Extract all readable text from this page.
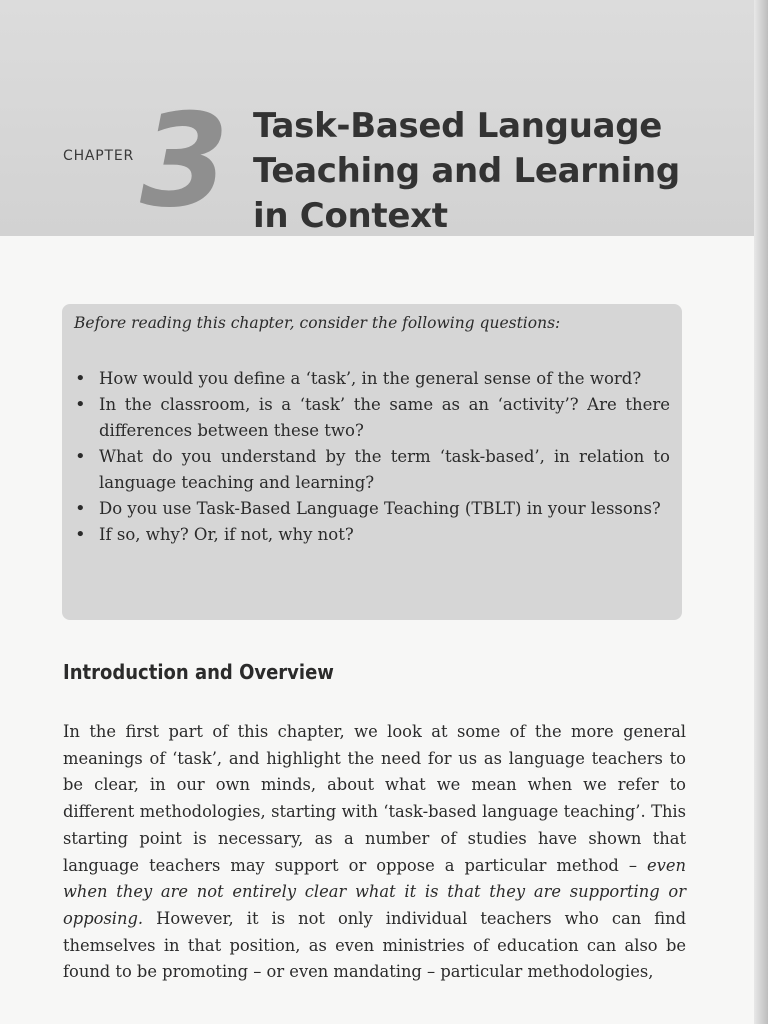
CHAPTER 3 Task-Based Language
Teaching and Learning
in Context
Before reading this chapter, consider the following questions:
• How would you define a ‘task’, in the general sense of the word?
• In the classroom, is a ‘task’ the same as an ‘activity’? Are there differences between these two?
• What do you understand by the term ‘task-based’, in relation to language teaching and learning?
• Do you use Task-Based Language Teaching (TBLT) in your lessons?
• If so, why? Or, if not, why not?
Introduction and Overview

In the first part of this chapter, we look at some of the more general meanings of ‘task’, and highlight the need for us as language teachers to be clear, in our own minds, about what we mean when we refer to different methodologies, starting with ‘task-based language teaching’. This starting point is necessary, as a number of studies have shown that language teachers may support or oppose a particular method – even when they are not entirely clear what it is that they are supporting or opposing. However, it is not only individual teachers who can find themselves in that position, as even ministries of education can also be found to be promoting – or even mandating – particular methodologies,
